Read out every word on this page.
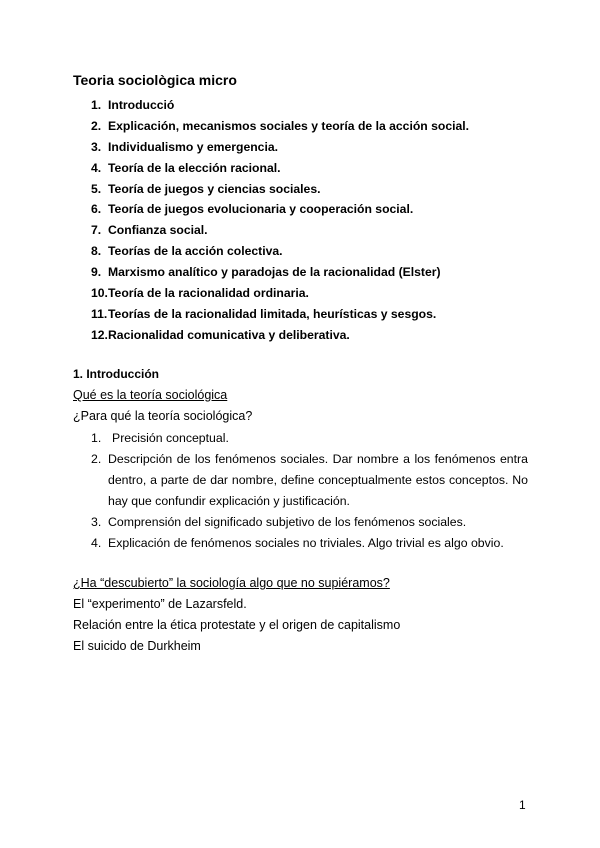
Teoria sociològica micro
1. Introducció
2. Explicación, mecanismos sociales y teoría de la acción social.
3. Individualismo y emergencia.
4. Teoría de la elección racional.
5. Teoría de juegos y ciencias sociales.
6. Teoría de juegos evolucionaria y cooperación social.
7. Confianza social.
8. Teorías de la acción colectiva.
9. Marxismo analítico y paradojas de la racionalidad (Elster)
10.Teoría de la racionalidad ordinaria.
11.Teorías de la racionalidad limitada, heurísticas y sesgos.
12.Racionalidad comunicativa y deliberativa.
1. Introducción

Qué es la teoría sociológica

¿Para qué la teoría sociológica?

1. Precisión conceptual.
2. Descripción de los fenómenos sociales. Dar nombre a los fenómenos entra dentro, a parte de dar nombre, define conceptualmente estos conceptos. No hay que confundir explicación y justificación.
3. Comprensión del significado subjetivo de los fenómenos sociales.
4. Explicación de fenómenos sociales no triviales. Algo trivial es algo obvio.

¿Ha “descubierto” la sociología algo que no supiéramos?

El “experimento” de Lazarsfeld.

Relación entre la ética protestate y el origen de capitalismo

El suicido de Durkheim

1
